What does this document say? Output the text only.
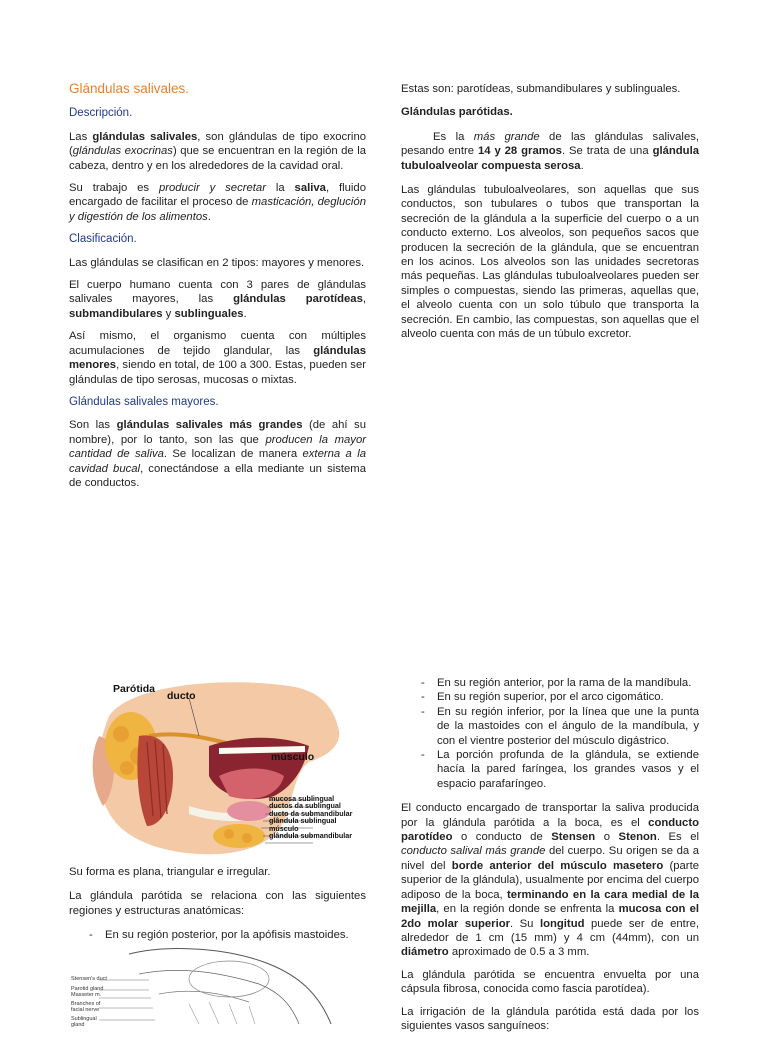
Glándulas salivales.
Descripción.

Las glándulas salivales, son glándulas de tipo exocrino (glándulas exocrinas) que se encuentran en la región de la cabeza, dentro y en los alrededores de la cavidad oral.

Su trabajo es producir y secretar la saliva, fluido encargado de facilitar el proceso de masticación, deglución y digestión de los alimentos.

Clasificación.

Las glándulas se clasifican en 2 tipos: mayores y menores.

El cuerpo humano cuenta con 3 pares de glándulas salivales mayores, las glándulas parotídeas, submandibulares y sublinguales.

Así mismo, el organismo cuenta con múltiples acumulaciones de tejido glandular, las glándulas menores, siendo en total, de 100 a 300. Estas, pueden ser glándulas de tipo serosas, mucosas o mixtas.

Glándulas salivales mayores.

Son las glándulas salivales más grandes (de ahí su nombre), por lo tanto, son las que producen la mayor cantidad de saliva. Se localizan de manera externa a la cavidad bucal, conectándose a ella mediante un sistema de conductos.

Estas son: parotídeas, submandibulares y sublinguales.

Glándulas parótidas.

Es la más grande de las glándulas salivales, pesando entre 14 y 28 gramos. Se trata de una glándula tubuloalveolar compuesta serosa.

Las glándulas tubuloalveolares, son aquellas que sus conductos, son tubulares o tubos que transportan la secreción de la glándula a la superficie del cuerpo o a un conducto externo. Los alveolos, son pequeños sacos que producen la secreción de la glándula, que se encuentran en los acinos. Los alveolos son las unidades secretoras más pequeñas. Las glándulas tubuloalveolares pueden ser simples o compuestas, siendo las primeras, aquellas que, el alveolo cuenta con un solo túbulo que transporta la secreción. En cambio, las compuestas, son aquellas que el alveolo cuenta con más de un túbulo excretor.

Parótida
ducto
músculo
mucosa sublingual
ductos da sublingual
ducto da submandibular
glândula sublingual
músculo
glândula submandibular

Su forma es plana, triangular e irregular.

La glándula parótida se relaciona con las siguientes regiones y estructuras anatómicas:

- En su región posterior, por la apófisis mastoides.
Stensen's duct
Parotid gland
Masseter m.
Branches of facial nerve
Sublingual gland
- En su región anterior, por la rama de la mandíbula.
- En su región superior, por el arco cigomático.
- En su región inferior, por la línea que une la punta de la mastoides con el ángulo de la mandíbula, y con el vientre posterior del músculo digástrico.
- La porción profunda de la glándula, se extiende hacía la pared faríngea, los grandes vasos y el espacio parafaríngeo.

El conducto encargado de transportar la saliva producida por la glándula parótida a la boca, es el conducto parotídeo o conducto de Stensen o Stenon. Es el conducto salival más grande del cuerpo. Su origen se da a nivel del borde anterior del músculo masetero (parte superior de la glándula), usualmente por encima del cuerpo adiposo de la boca, terminando en la cara medial de la mejilla, en la región donde se enfrenta la mucosa con el 2do molar superior. Su longitud puede ser de entre, alrededor de 1 cm (15 mm) y 4 cm (44mm), con un diámetro aproximado de 0.5 a 3 mm.

La glándula parótida se encuentra envuelta por una cápsula fibrosa, conocida como fascia parotídea).

La irrigación de la glándula parótida está dada por los siguientes vasos sanguíneos:
